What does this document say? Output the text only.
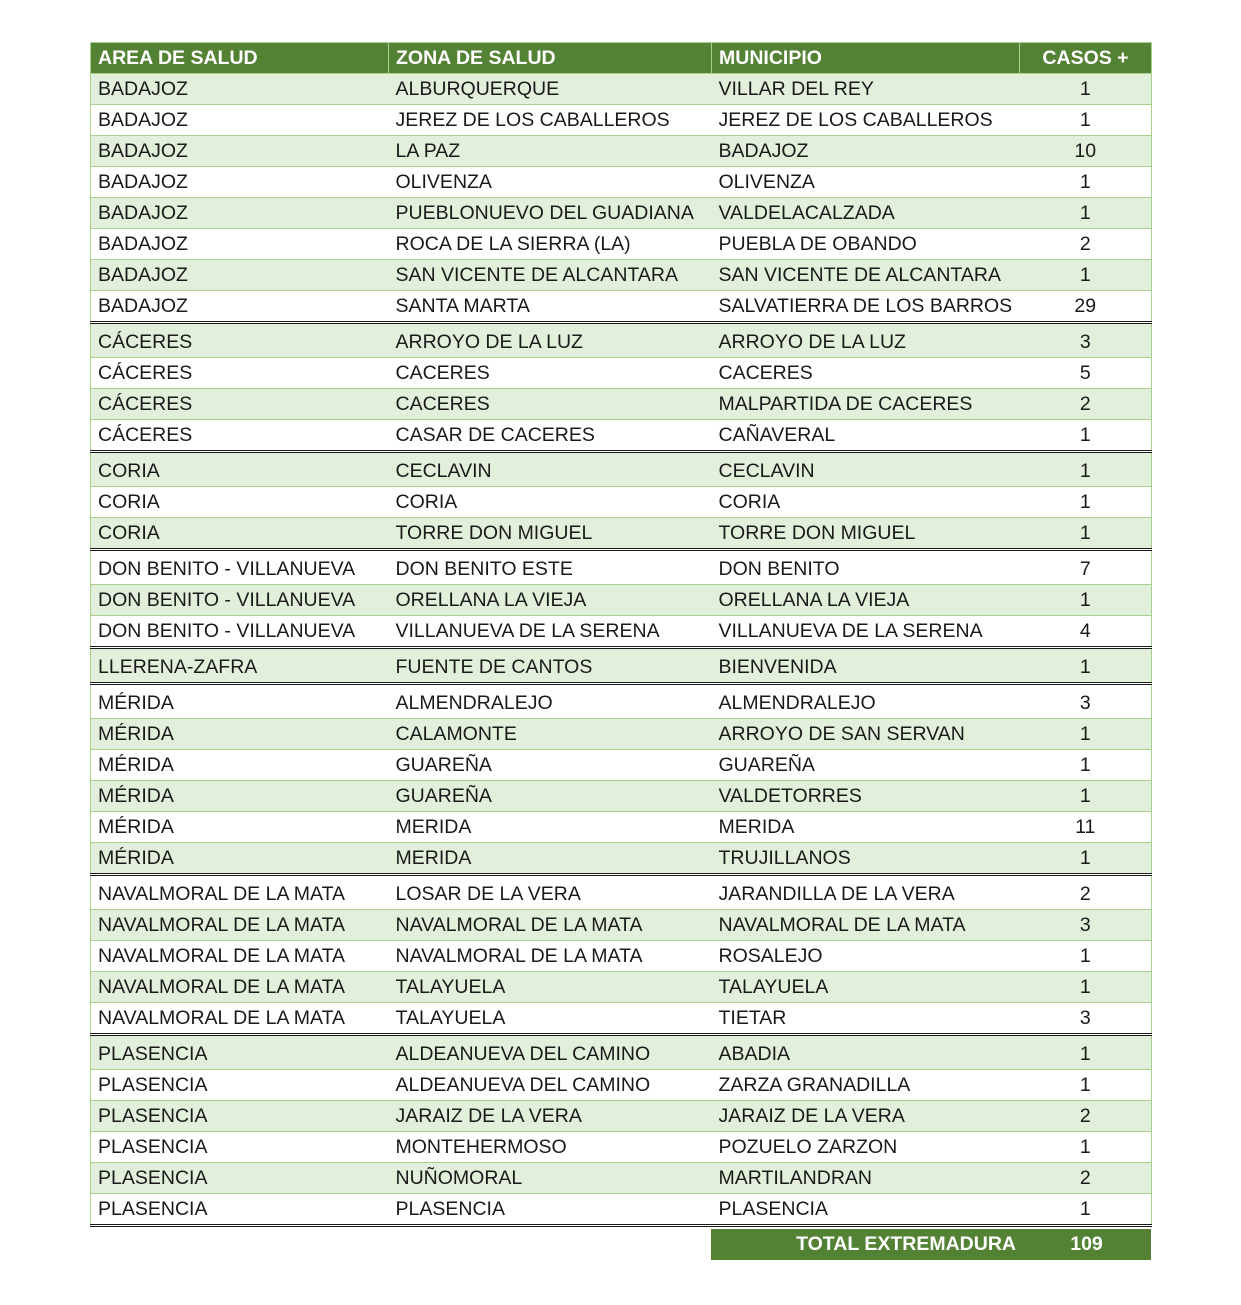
AREA DE SALUD	ZONA DE SALUD	MUNICIPIO	CASOS +
BADAJOZ	ALBURQUERQUE	VILLAR DEL REY	1
BADAJOZ	JEREZ DE LOS CABALLEROS	JEREZ DE LOS CABALLEROS	1
BADAJOZ	LA PAZ	BADAJOZ	10
BADAJOZ	OLIVENZA	OLIVENZA	1
BADAJOZ	PUEBLONUEVO DEL GUADIANA	VALDELACALZADA	1
BADAJOZ	ROCA DE LA SIERRA (LA)	PUEBLA DE OBANDO	2
BADAJOZ	SAN VICENTE DE ALCANTARA	SAN VICENTE DE ALCANTARA	1
BADAJOZ	SANTA MARTA	SALVATIERRA DE LOS BARROS	29
CÁCERES	ARROYO DE LA LUZ	ARROYO DE LA LUZ	3
CÁCERES	CACERES	CACERES	5
CÁCERES	CACERES	MALPARTIDA DE CACERES	2
CÁCERES	CASAR DE CACERES	CAÑAVERAL	1
CORIA	CECLAVIN	CECLAVIN	1
CORIA	CORIA	CORIA	1
CORIA	TORRE DON MIGUEL	TORRE DON MIGUEL	1
DON BENITO - VILLANUEVA	DON BENITO ESTE	DON BENITO	7
DON BENITO - VILLANUEVA	ORELLANA LA VIEJA	ORELLANA LA VIEJA	1
DON BENITO - VILLANUEVA	VILLANUEVA DE LA SERENA	VILLANUEVA DE LA SERENA	4
LLERENA-ZAFRA	FUENTE DE CANTOS	BIENVENIDA	1
MÉRIDA	ALMENDRALEJO	ALMENDRALEJO	3
MÉRIDA	CALAMONTE	ARROYO DE SAN SERVAN	1
MÉRIDA	GUAREÑA	GUAREÑA	1
MÉRIDA	GUAREÑA	VALDETORRES	1
MÉRIDA	MERIDA	MERIDA	11
MÉRIDA	MERIDA	TRUJILLANOS	1
NAVALMORAL DE LA MATA	LOSAR DE LA VERA	JARANDILLA DE LA VERA	2
NAVALMORAL DE LA MATA	NAVALMORAL DE LA MATA	NAVALMORAL DE LA MATA	3
NAVALMORAL DE LA MATA	NAVALMORAL DE LA MATA	ROSALEJO	1
NAVALMORAL DE LA MATA	TALAYUELA	TALAYUELA	1
NAVALMORAL DE LA MATA	TALAYUELA	TIETAR	3
PLASENCIA	ALDEANUEVA DEL CAMINO	ABADIA	1
PLASENCIA	ALDEANUEVA DEL CAMINO	ZARZA GRANADILLA	1
PLASENCIA	JARAIZ DE LA VERA	JARAIZ DE LA VERA	2
PLASENCIA	MONTEHERMOSO	POZUELO ZARZON	1
PLASENCIA	NUÑOMORAL	MARTILANDRAN	2
PLASENCIA	PLASENCIA	PLASENCIA	1
TOTAL EXTREMADURA	109
